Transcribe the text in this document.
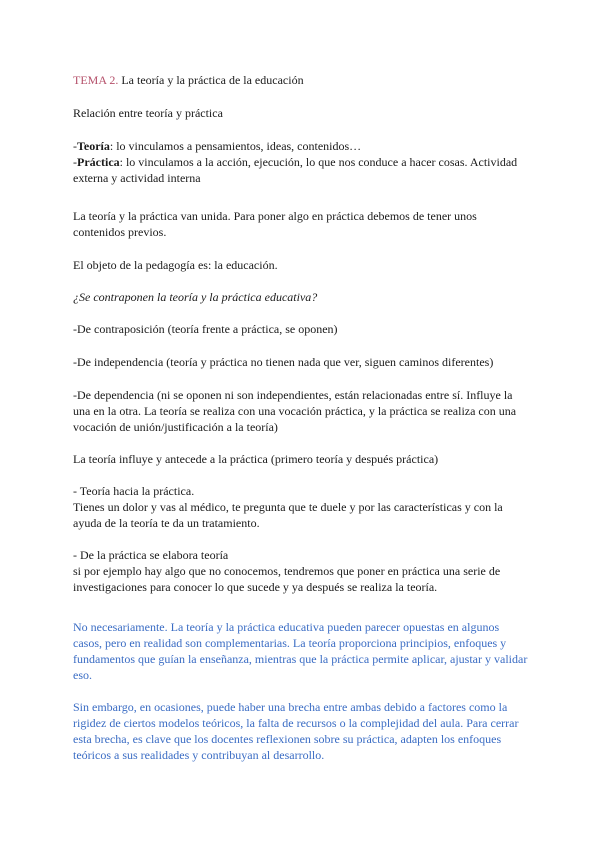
TEMA 2. La teoría y la práctica de la educación

Relación entre teoría y práctica

-Teoría: lo vinculamos a pensamientos, ideas, contenidos…

-Práctica: lo vinculamos a la acción, ejecución, lo que nos conduce a hacer cosas. Actividad externa y actividad interna

La teoría y la práctica van unida. Para poner algo en práctica debemos de tener unos contenidos previos.

El objeto de la pedagogía es: la educación.

¿Se contraponen la teoría y la práctica educativa?

-De contraposición (teoría frente a práctica, se oponen)

-De independencia (teoría y práctica no tienen nada que ver, siguen caminos diferentes)

-De dependencia (ni se oponen ni son independientes, están relacionadas entre sí. Influye la una en la otra. La teoría se realiza con una vocación práctica, y la práctica se realiza con una vocación de unión/justificación a la teoría)

La teoría influye y antecede a la práctica (primero teoría y después práctica)

- Teoría hacia la práctica.

Tienes un dolor y vas al médico, te pregunta que te duele y por las características y con la ayuda de la teoría te da un tratamiento.

- De la práctica se elabora teoría

si por ejemplo hay algo que no conocemos, tendremos que poner en práctica una serie de investigaciones para conocer lo que sucede y ya después se realiza la teoría.

No necesariamente. La teoría y la práctica educativa pueden parecer opuestas en algunos casos, pero en realidad son complementarias. La teoría proporciona principios, enfoques y fundamentos que guían la enseñanza, mientras que la práctica permite aplicar, ajustar y validar eso.

Sin embargo, en ocasiones, puede haber una brecha entre ambas debido a factores como la rigidez de ciertos modelos teóricos, la falta de recursos o la complejidad del aula. Para cerrar esta brecha, es clave que los docentes reflexionen sobre su práctica, adapten los enfoques teóricos a sus realidades y contribuyan al desarrollo.
